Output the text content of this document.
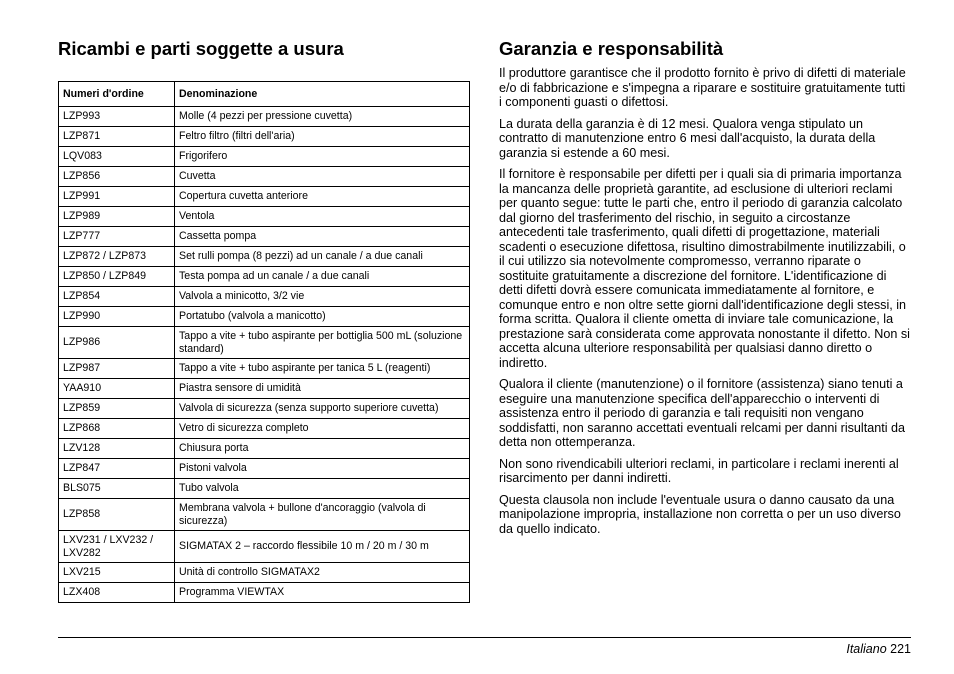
Ricambi e parti soggette a usura
Numeri d'ordine	Denominazione
LZP993	Molle (4 pezzi per pressione cuvetta)
LZP871	Feltro filtro (filtri dell'aria)
LQV083	Frigorifero
LZP856	Cuvetta
LZP991	Copertura cuvetta anteriore
LZP989	Ventola
LZP777	Cassetta pompa
LZP872 / LZP873	Set rulli pompa (8 pezzi) ad un canale / a due canali
LZP850 / LZP849	Testa pompa ad un canale / a due canali
LZP854	Valvola a minicotto, 3/2 vie
LZP990	Portatubo (valvola a manicotto)
LZP986	Tappo a vite + tubo aspirante per bottiglia 500 mL (soluzione standard)
LZP987	Tappo a vite + tubo aspirante per tanica 5 L (reagenti)
YAA910	Piastra sensore di umidità
LZP859	Valvola di sicurezza (senza supporto superiore cuvetta)
LZP868	Vetro di sicurezza completo
LZV128	Chiusura porta
LZP847	Pistoni valvola
BLS075	Tubo valvola
LZP858	Membrana valvola + bullone d'ancoraggio (valvola di sicurezza)
LXV231 / LXV232 / LXV282	SIGMATAX 2 – raccordo flessibile 10 m / 20 m / 30 m
LXV215	Unità di controllo SIGMATAX2
LZX408	Programma VIEWTAX
Garanzia e responsabilità

Il produttore garantisce che il prodotto fornito è privo di difetti di materiale e/o di fabbricazione e s'impegna a riparare e sostituire gratuitamente tutti i componenti guasti o difettosi.

La durata della garanzia è di 12 mesi. Qualora venga stipulato un contratto di manutenzione entro 6 mesi dall'acquisto, la durata della garanzia si estende a 60 mesi.

Il fornitore è responsabile per difetti per i quali sia di primaria importanza la mancanza delle proprietà garantite, ad esclusione di ulteriori reclami per quanto segue: tutte le parti che, entro il periodo di garanzia calcolato dal giorno del trasferimento del rischio, in seguito a circostanze antecedenti tale trasferimento, quali difetti di progettazione, materiali scadenti o esecuzione difettosa, risultino dimostrabilmente inutilizzabili, o il cui utilizzo sia notevolmente compromesso, verranno riparate o sostituite gratuitamente a discrezione del fornitore. L'identificazione di detti difetti dovrà essere comunicata immediatamente al fornitore, e comunque entro e non oltre sette giorni dall'identificazione degli stessi, in forma scritta. Qualora il cliente ometta di inviare tale comunicazione, la prestazione sarà considerata come approvata nonostante il difetto. Non si accetta alcuna ulteriore responsabilità per qualsiasi danno diretto o indiretto.

Qualora il cliente (manutenzione) o il fornitore (assistenza) siano tenuti a eseguire una manutenzione specifica dell'apparecchio o interventi di assistenza entro il periodo di garanzia e tali requisiti non vengano soddisfatti, non saranno accettati eventuali relcami per danni risultanti da detta non ottemperanza.

Non sono rivendicabili ulteriori reclami, in particolare i reclami inerenti al risarcimento per danni indiretti.

Questa clausola non include l'eventuale usura o danno causato da una manipolazione impropria, installazione non corretta o per un uso diverso da quello indicato.

Italiano 221
